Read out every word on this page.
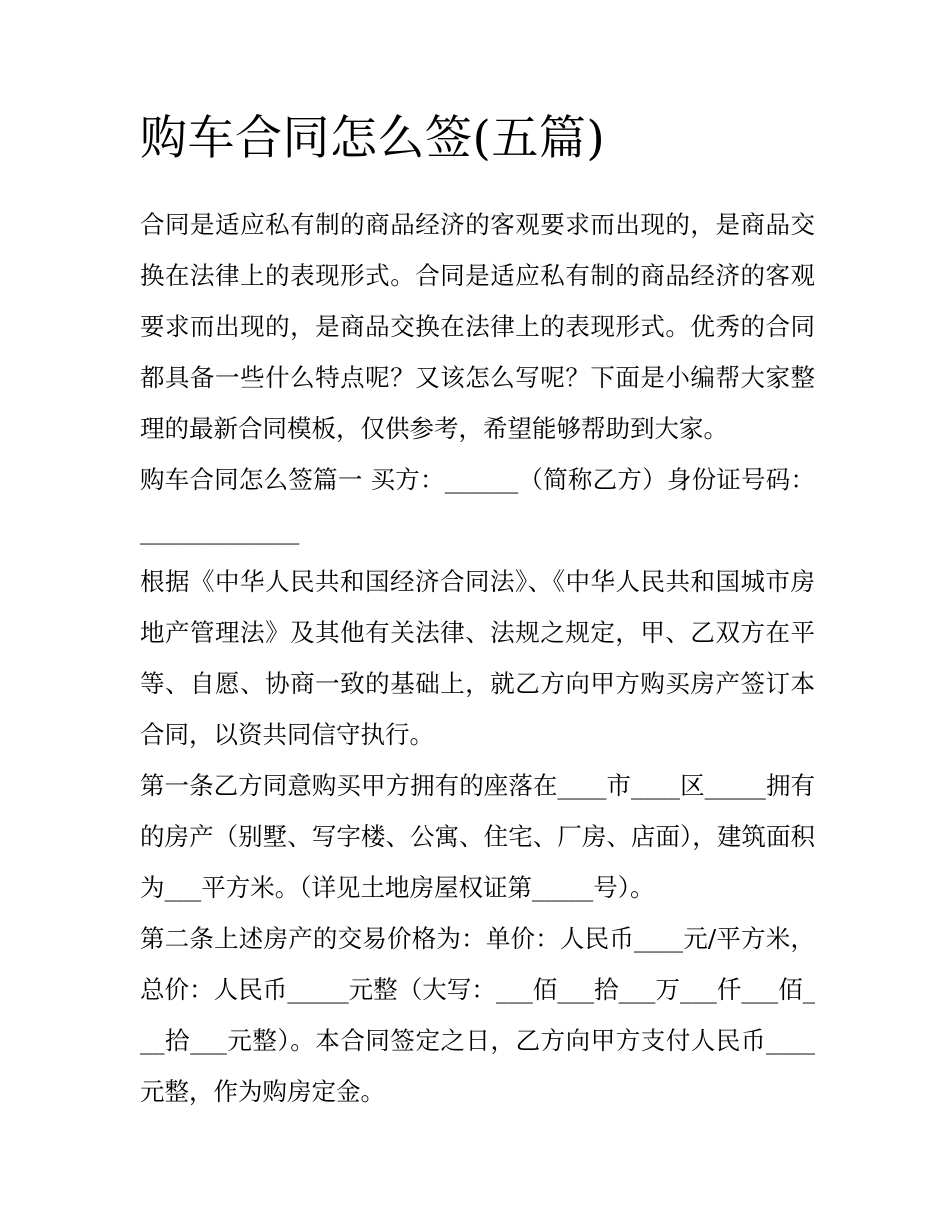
购车合同怎么签(五篇)

合同是适应私有制的商品经济的客观要求而出现的，是商品交换在法律上的表现形式。合同是适应私有制的商品经济的客观要求而出现的，是商品交换在法律上的表现形式。优秀的合同都具备一些什么特点呢？又该怎么写呢？下面是小编帮大家整理的最新合同模板，仅供参考，希望能够帮助到大家。

购车合同怎么签篇一 买方：______（简称乙方）身份证号码：_____________

根据《中华人民共和国经济合同法》、《中华人民共和国城市房地产管理法》及其他有关法律、法规之规定，甲、乙双方在平等、自愿、协商一致的基础上，就乙方向甲方购买房产签订本合同，以资共同信守执行。

第一条乙方同意购买甲方拥有的座落在____市____区_____拥有的房产（别墅、写字楼、公寓、住宅、厂房、店面），建筑面积为___平方米。（详见土地房屋权证第_____号）。

第二条上述房产的交易价格为：单价：人民币____元/平方米，总价：人民币_____元整（大写：___佰___拾___万___仟___佰___拾___元整）。本合同签定之日，乙方向甲方支付人民币____元整，作为购房定金。
